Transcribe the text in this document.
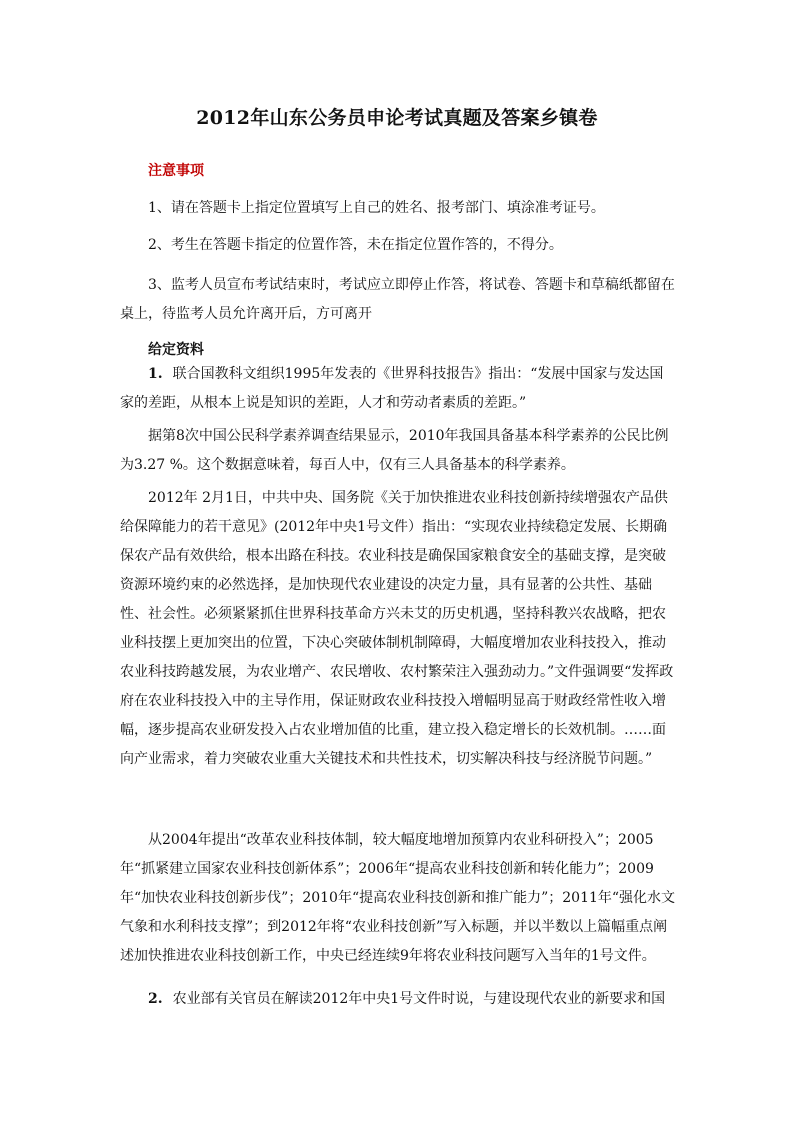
2012年山东公务员申论考试真题及答案乡镇卷
注意事项

1、请在答题卡上指定位置填写上自己的姓名、报考部门、填涂准考证号。

2、考生在答题卡指定的位置作答，未在指定位置作答的，不得分。

3、监考人员宣布考试结束时，考试应立即停止作答，将试卷、答题卡和草稿纸都留在桌上，待监考人员允许离开后，方可离开

给定资料

1. 联合国教科文组织1995年发表的《世界科技报告》指出：“发展中国家与发达国家的差距，从根本上说是知识的差距，人才和劳动者素质的差距。”

据第8次中国公民科学素养调查结果显示，2010年我国具备基本科学素养的公民比例为3.27 %。这个数据意味着，每百人中，仅有三人具备基本的科学素养。

2012年 2月1日，中共中央、国务院《关于加快推进农业科技创新持续增强农产品供给保障能力的若干意见》(2012年中央1号文件）指出：“实现农业持续稳定发展、长期确保农产品有效供给，根本出路在科技。农业科技是确保国家粮食安全的基础支撑，是突破资源环境约束的必然选择，是加快现代农业建设的决定力量，具有显著的公共性、基础性、社会性。必须紧紧抓住世界科技革命方兴未艾的历史机遇，坚持科教兴农战略，把农业科技摆上更加突出的位置，下决心突破体制机制障碍，大幅度增加农业科技投入，推动农业科技跨越发展，为农业增产、农民增收、农村繁荣注入强劲动力。”文件强调要“发挥政府在农业科技投入中的主导作用，保证财政农业科技投入增幅明显高于财政经常性收入增幅，逐步提高农业研发投入占农业增加值的比重，建立投入稳定增长的长效机制。……面向产业需求，着力突破农业重大关键技术和共性技术，切实解决科技与经济脱节问题。”

从2004年提出“改革农业科技体制，较大幅度地增加预算内农业科研投入”；2005年“抓紧建立国家农业科技创新体系”；2006年“提高农业科技创新和转化能力”；2009年“加快农业科技创新步伐”；2010年“提高农业科技创新和推广能力”；2011年“强化水文气象和水利科技支撑”；到2012年将“农业科技创新”写入标题，并以半数以上篇幅重点阐述加快推进农业科技创新工作，中央已经连续9年将农业科技问题写入当年的1号文件。

2. 农业部有关官员在解读2012年中央1号文件时说，与建设现代农业的新要求和国
